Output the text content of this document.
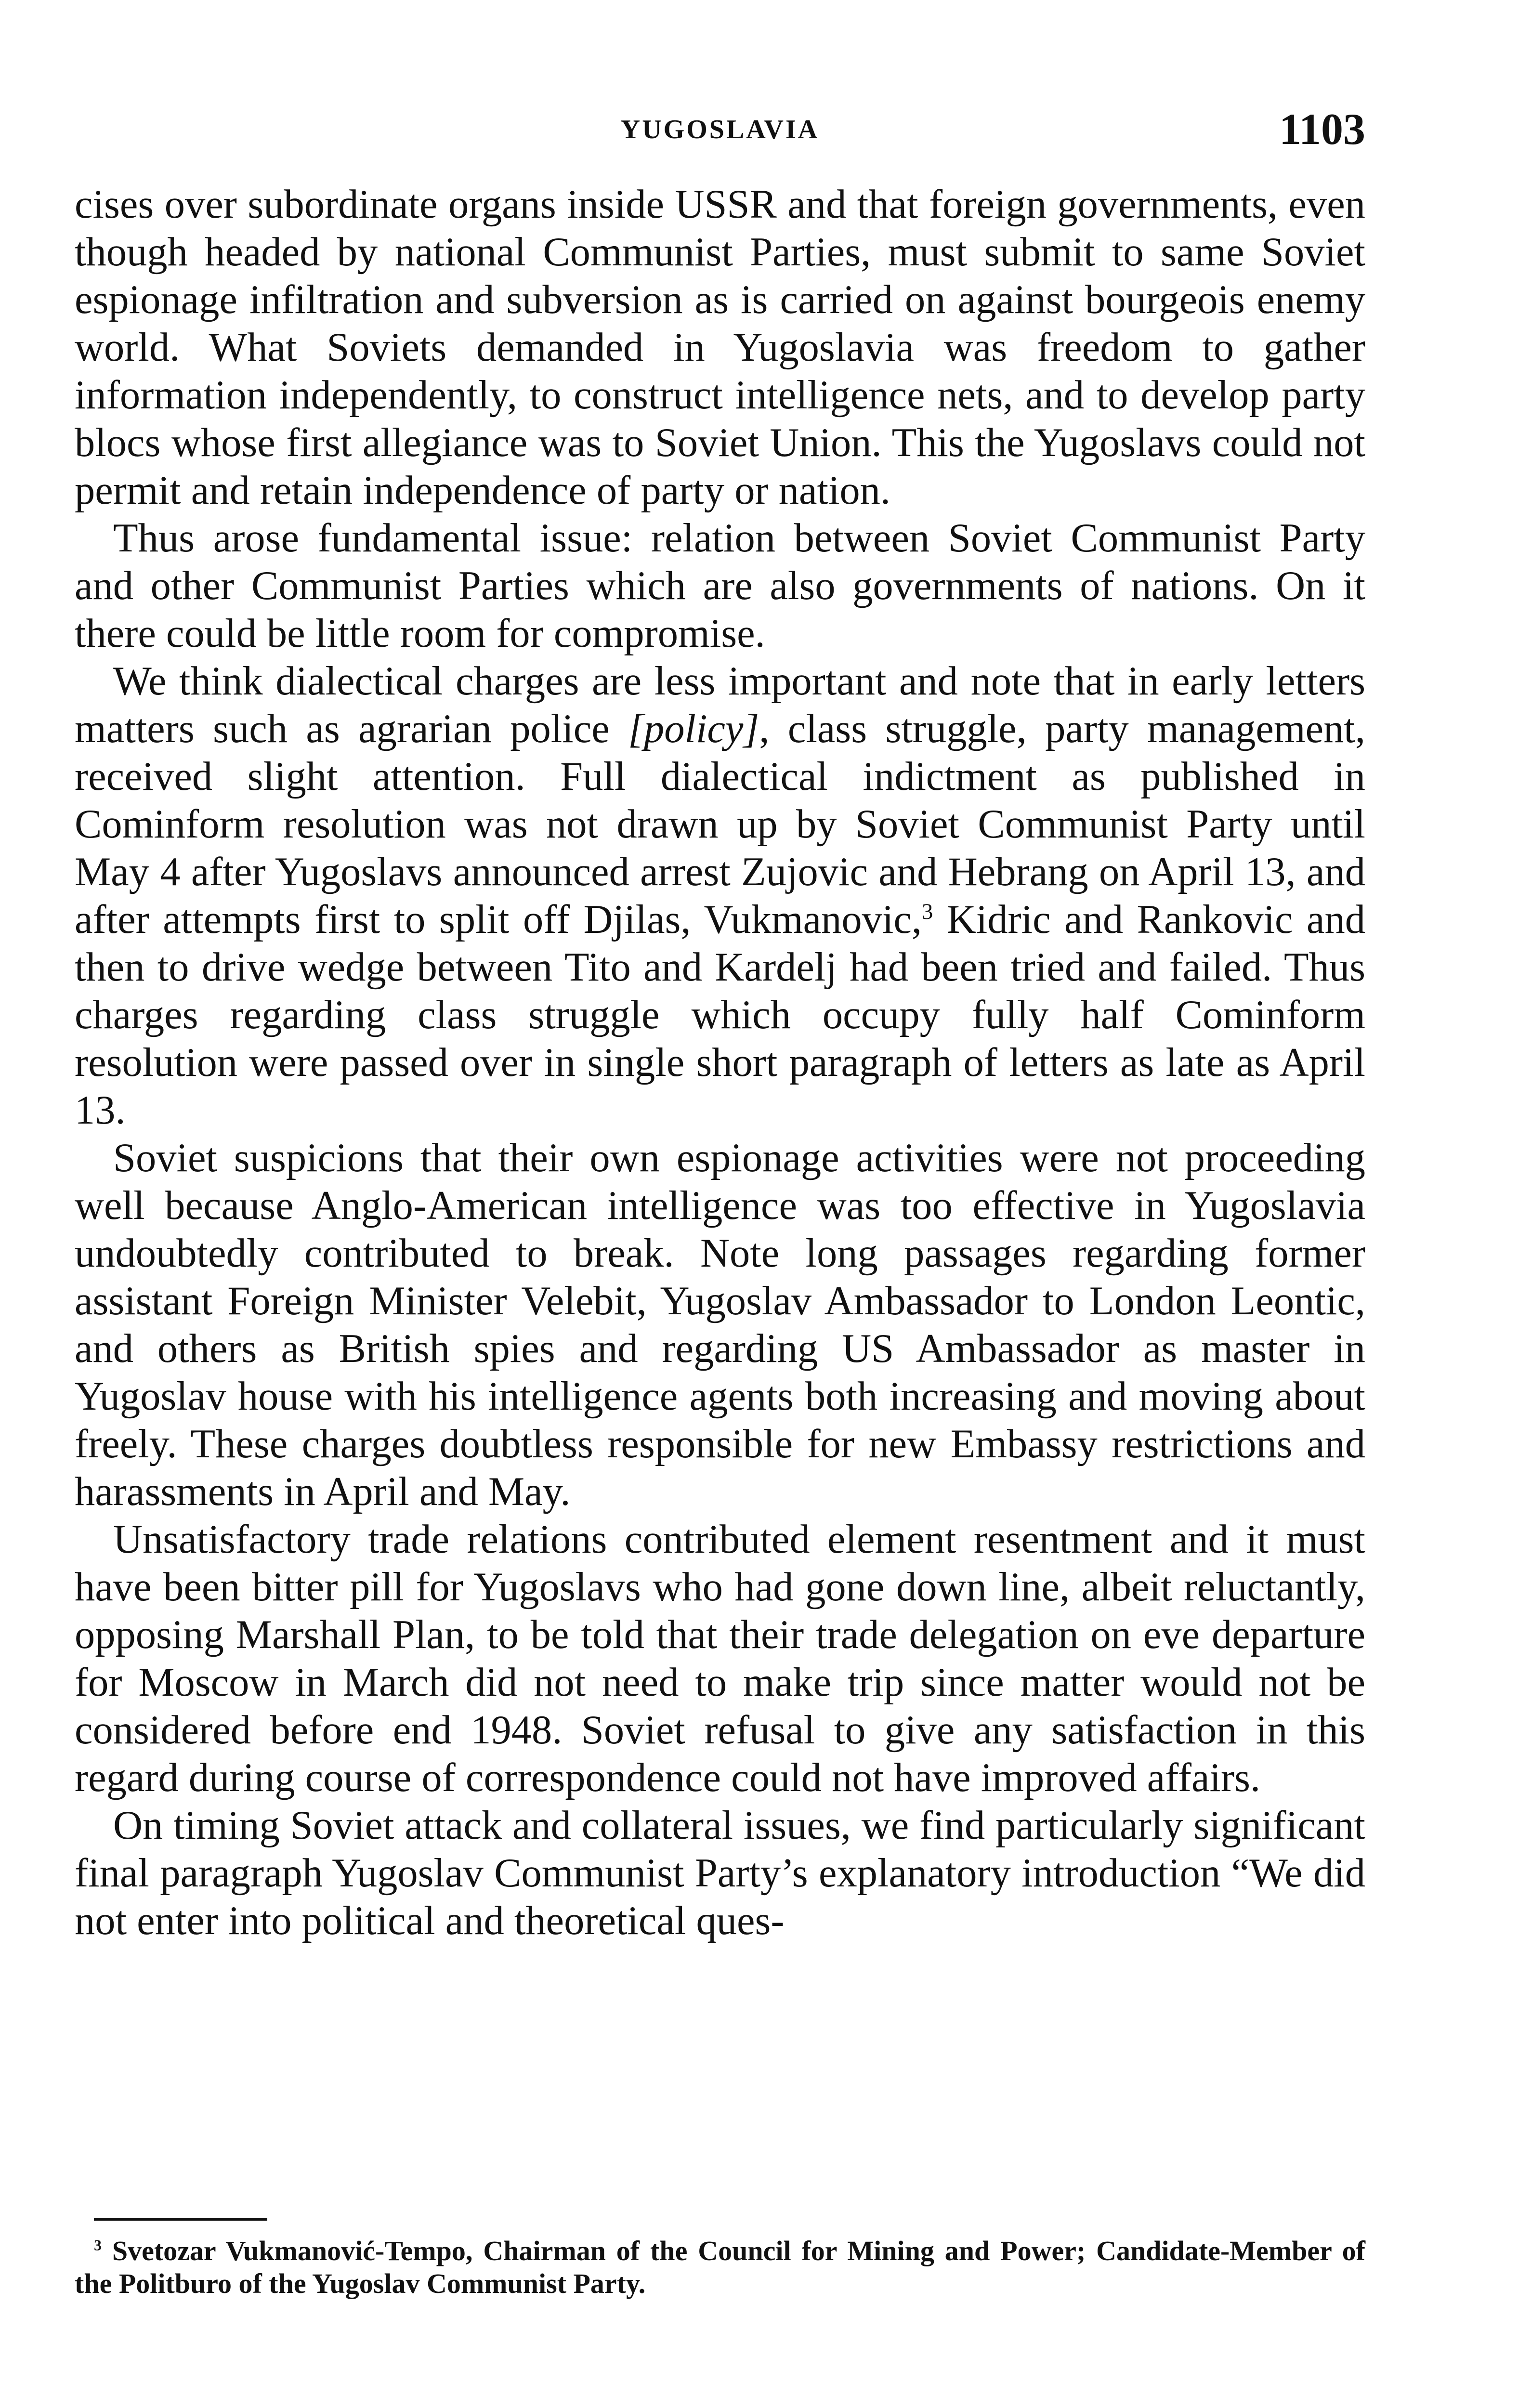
YUGOSLAVIA	1103

cises over subordinate organs inside USSR and that foreign governments, even though headed by national Communist Parties, must submit to same Soviet espionage infiltration and subversion as is carried on against bourgeois enemy world. What Soviets demanded in Yugoslavia was freedom to gather information independently, to construct intelligence nets, and to develop party blocs whose first allegiance was to Soviet Union. This the Yugoslavs could not permit and retain independence of party or nation.

Thus arose fundamental issue: relation between Soviet Communist Party and other Communist Parties which are also governments of nations. On it there could be little room for compromise.

We think dialectical charges are less important and note that in early letters matters such as agrarian police [policy], class struggle, party management, received slight attention. Full dialectical indictment as published in Cominform resolution was not drawn up by Soviet Communist Party until May 4 after Yugoslavs announced arrest Zujovic and Hebrang on April 13, and after attempts first to split off Djilas, Vukmanovic,$^3$ Kidric and Rankovic and then to drive wedge between Tito and Kardelj had been tried and failed. Thus charges regarding class struggle which occupy fully half Cominform resolution were passed over in single short paragraph of letters as late as April 13.

Soviet suspicions that their own espionage activities were not proceeding well because Anglo-American intelligence was too effective in Yugoslavia undoubtedly contributed to break. Note long passages regarding former assistant Foreign Minister Velebit, Yugoslav Ambassador to London Leontic, and others as British spies and regarding US Ambassador as master in Yugoslav house with his intelligence agents both increasing and moving about freely. These charges doubtless responsible for new Embassy restrictions and harassments in April and May.

Unsatisfactory trade relations contributed element resentment and it must have been bitter pill for Yugoslavs who had gone down line, albeit reluctantly, opposing Marshall Plan, to be told that their trade delegation on eve departure for Moscow in March did not need to make trip since matter would not be considered before end 1948. Soviet refusal to give any satisfaction in this regard during course of correspondence could not have improved affairs.

On timing Soviet attack and collateral issues, we find particularly significant final paragraph Yugoslav Communist Party’s explanatory introduction “We did not enter into political and theoretical ques-

$^3$ Svetozar Vukmanović-Tempo, Chairman of the Council for Mining and Power; Candidate-Member of the Politburo of the Yugoslav Communist Party.
